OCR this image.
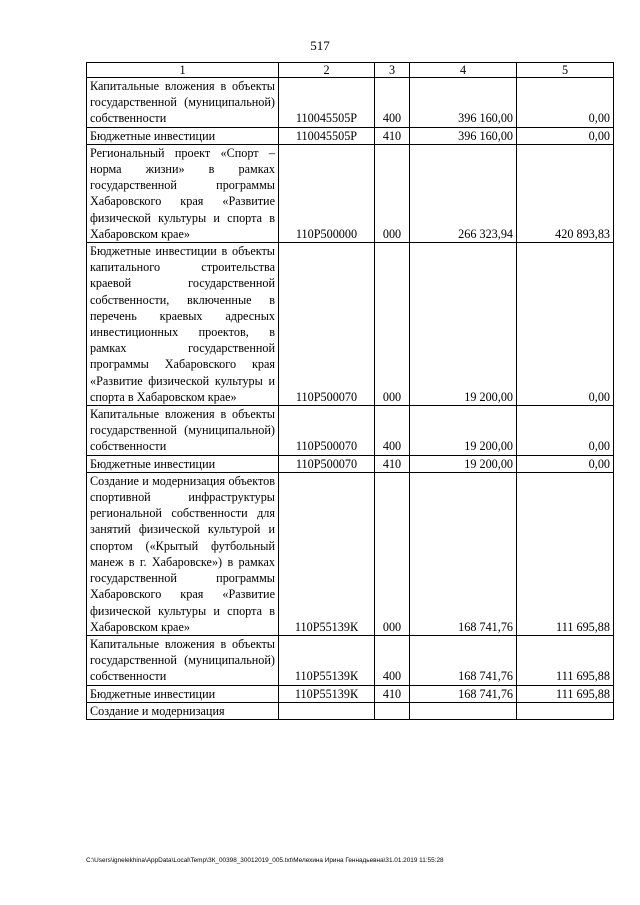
517
1	2	3	4	5
Капитальные вложения в объекты государственной (муниципальной) собственности	110045505Р	400	396 160,00	0,00
Бюджетные инвестиции	110045505Р	410	396 160,00	0,00
Региональный проект «Спорт – норма жизни» в рамках государственной программы Хабаровского края «Развитие физической культуры и спорта в Хабаровском крае»	110Р500000	000	266 323,94	420 893,83
Бюджетные инвестиции в объекты капитального строительства краевой государственной собственности, включенные в перечень краевых адресных инвестиционных проектов, в рамках государственной программы Хабаровского края «Развитие физической культуры и спорта в Хабаровском крае»	110Р500070	000	19 200,00	0,00
Капитальные вложения в объекты государственной (муниципальной) собственности	110Р500070	400	19 200,00	0,00
Бюджетные инвестиции	110Р500070	410	19 200,00	0,00
Создание и модернизация объектов спортивной инфраструктуры региональной собственности для занятий физической культурой и спортом («Крытый футбольный манеж в г. Хабаровске») в рамках государственной программы Хабаровского края «Развитие физической культуры и спорта в Хабаровском крае»	110Р55139К	000	168 741,76	111 695,88
Капитальные вложения в объекты государственной (муниципальной) собственности	110Р55139К	400	168 741,76	111 695,88
Бюджетные инвестиции	110Р55139К	410	168 741,76	111 695,88
Создание и модернизация				
C:\Users\ignelekhina\AppData\Local\Temp\ЗК_00398_30012019_005.txt\Мелехина Ирина Геннадьевна\31.01.2019 11:55:28
